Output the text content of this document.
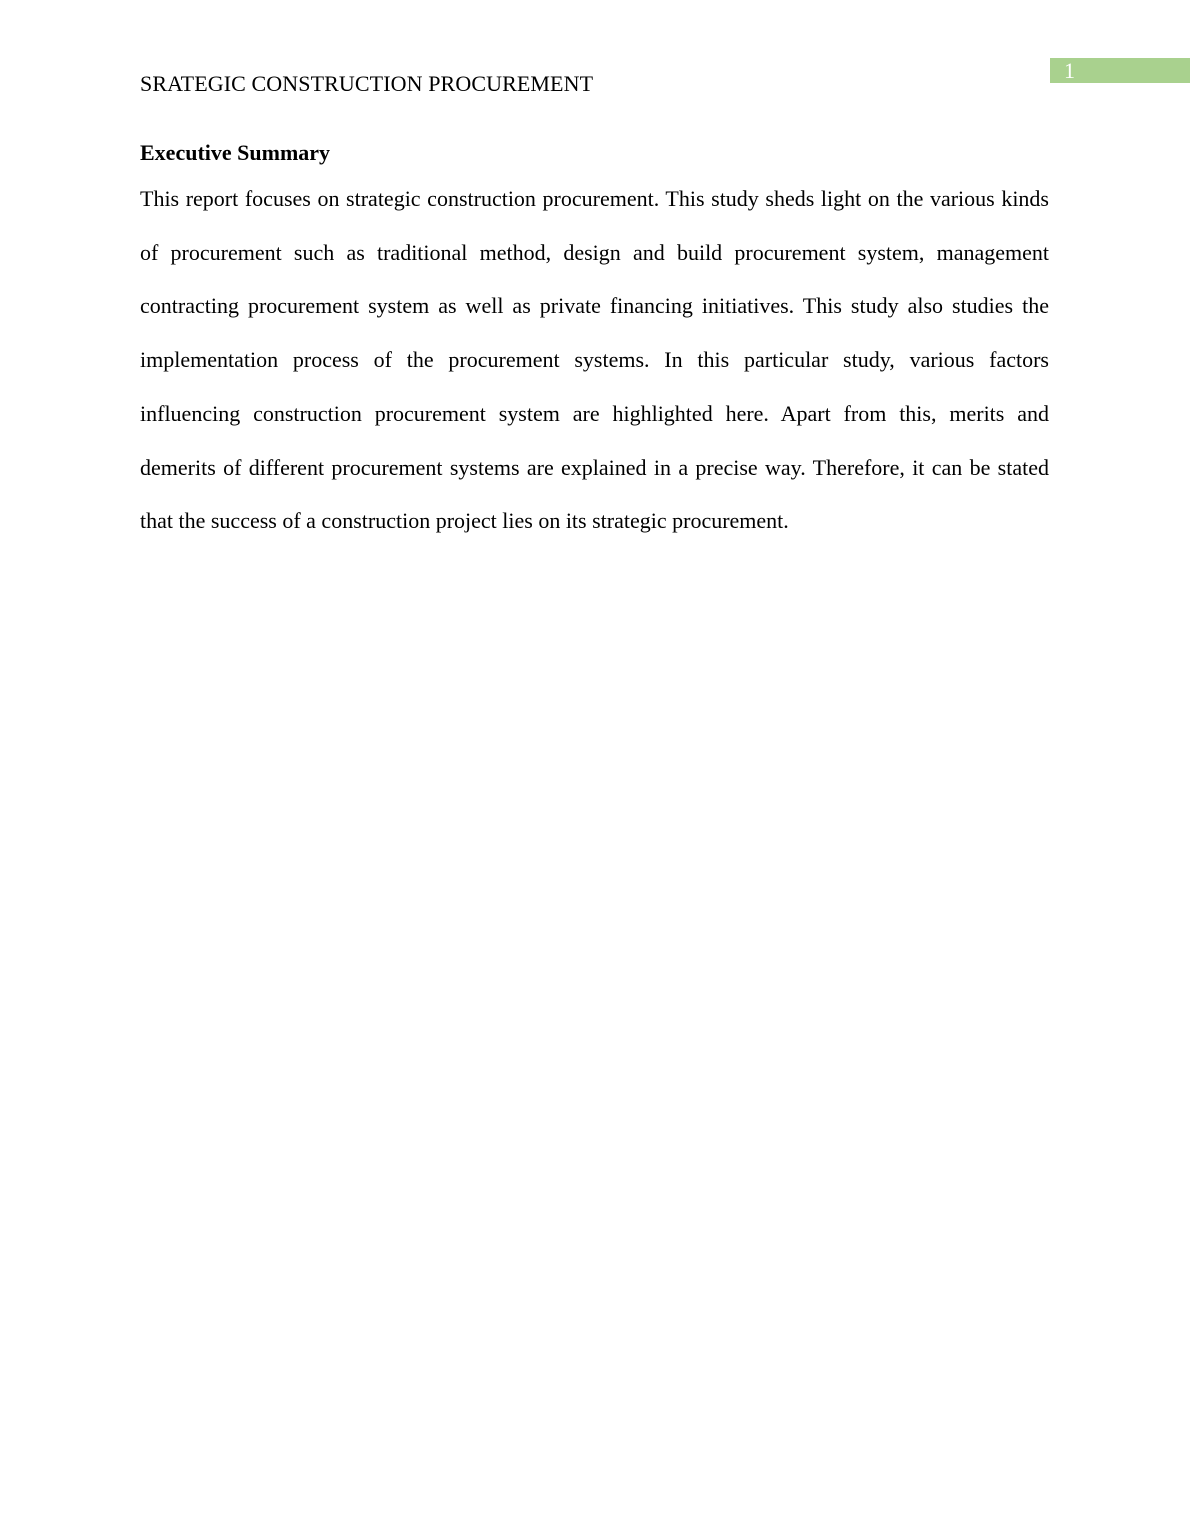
SRATEGIC CONSTRUCTION PROCUREMENT
1
Executive Summary

This report focuses on strategic construction procurement. This study sheds light on the various kinds of procurement such as traditional method, design and build procurement system, management contracting procurement system as well as private financing initiatives. This study also studies the implementation process of the procurement systems. In this particular study, various factors influencing construction procurement system are highlighted here. Apart from this, merits and demerits of different procurement systems are explained in a precise way. Therefore, it can be stated that the success of a construction project lies on its strategic procurement.
